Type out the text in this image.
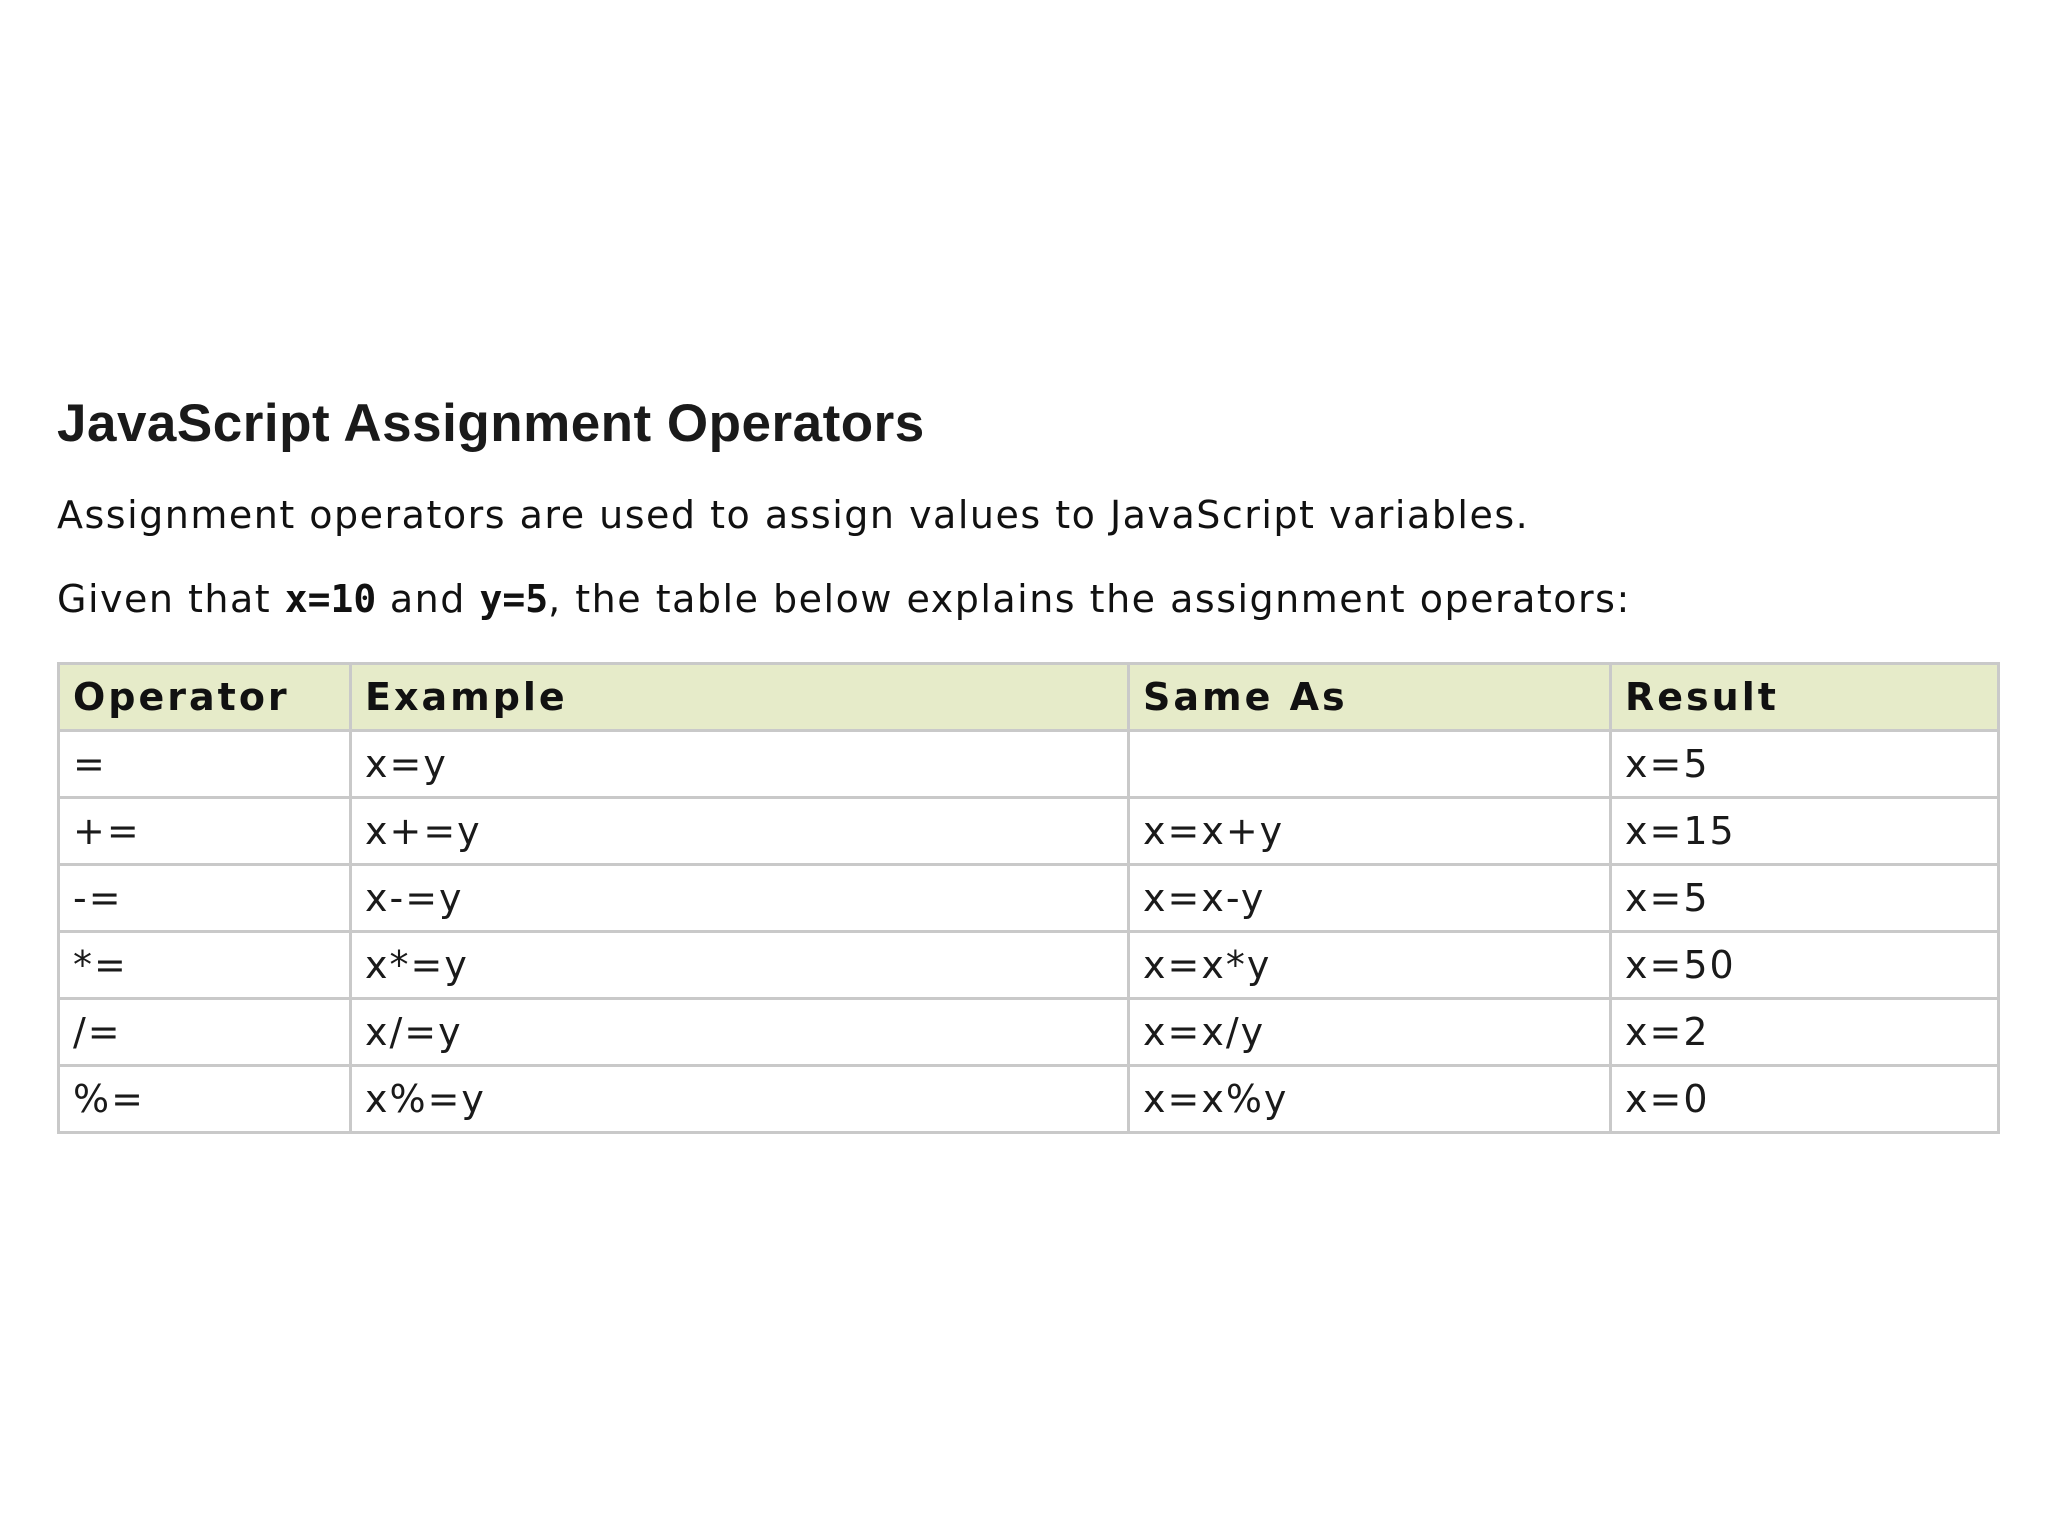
JavaScript Assignment Operators

Assignment operators are used to assign values to JavaScript variables.

Given that x=10 and y=5, the table below explains the assignment operators:

Operator	Example	Same As	Result
=	x=y		x=5
+=	x+=y	x=x+y	x=15
-=	x-=y	x=x-y	x=5
*=	x*=y	x=x*y	x=50
/=	x/=y	x=x/y	x=2
%=	x%=y	x=x%y	x=0
